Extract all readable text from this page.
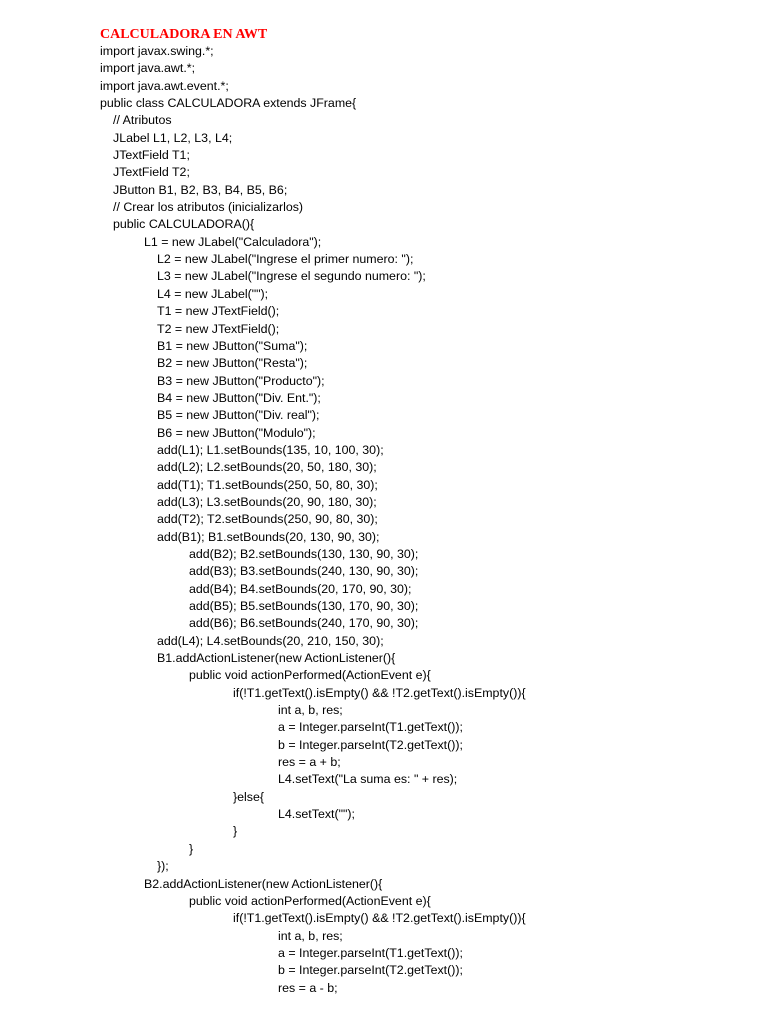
CALCULADORA EN AWT
import javax.swing.*;
import java.awt.*;
import java.awt.event.*;
public class CALCULADORA extends JFrame{
// Atributos
JLabel L1, L2, L3, L4;
JTextField T1;
JTextField T2;
JButton B1, B2, B3, B4, B5, B6;
// Crear los atributos (inicializarlos)
public CALCULADORA(){
L1 = new JLabel("Calculadora");
L2 = new JLabel("Ingrese el primer numero: ");
L3 = new JLabel("Ingrese el segundo numero: ");
L4 = new JLabel("");
T1 = new JTextField();
T2 = new JTextField();
B1 = new JButton("Suma");
B2 = new JButton("Resta");
B3 = new JButton("Producto");
B4 = new JButton("Div. Ent.");
B5 = new JButton("Div. real");
B6 = new JButton("Modulo");
add(L1); L1.setBounds(135, 10, 100, 30);
add(L2); L2.setBounds(20, 50, 180, 30);
add(T1); T1.setBounds(250, 50, 80, 30);
add(L3); L3.setBounds(20, 90, 180, 30);
add(T2); T2.setBounds(250, 90, 80, 30);
add(B1); B1.setBounds(20, 130, 90, 30);
add(B2); B2.setBounds(130, 130, 90, 30);
add(B3); B3.setBounds(240, 130, 90, 30);
add(B4); B4.setBounds(20, 170, 90, 30);
add(B5); B5.setBounds(130, 170, 90, 30);
add(B6); B6.setBounds(240, 170, 90, 30);
add(L4); L4.setBounds(20, 210, 150, 30);
B1.addActionListener(new ActionListener(){
public void actionPerformed(ActionEvent e){
if(!T1.getText().isEmpty() && !T2.getText().isEmpty()){
int a, b, res;
a = Integer.parseInt(T1.getText());
b = Integer.parseInt(T2.getText());
res = a + b;
L4.setText("La suma es: " + res);
}else{
L4.setText("");
}
}
});
B2.addActionListener(new ActionListener(){
public void actionPerformed(ActionEvent e){
if(!T1.getText().isEmpty() && !T2.getText().isEmpty()){
int a, b, res;
a = Integer.parseInt(T1.getText());
b = Integer.parseInt(T2.getText());
res = a - b;
